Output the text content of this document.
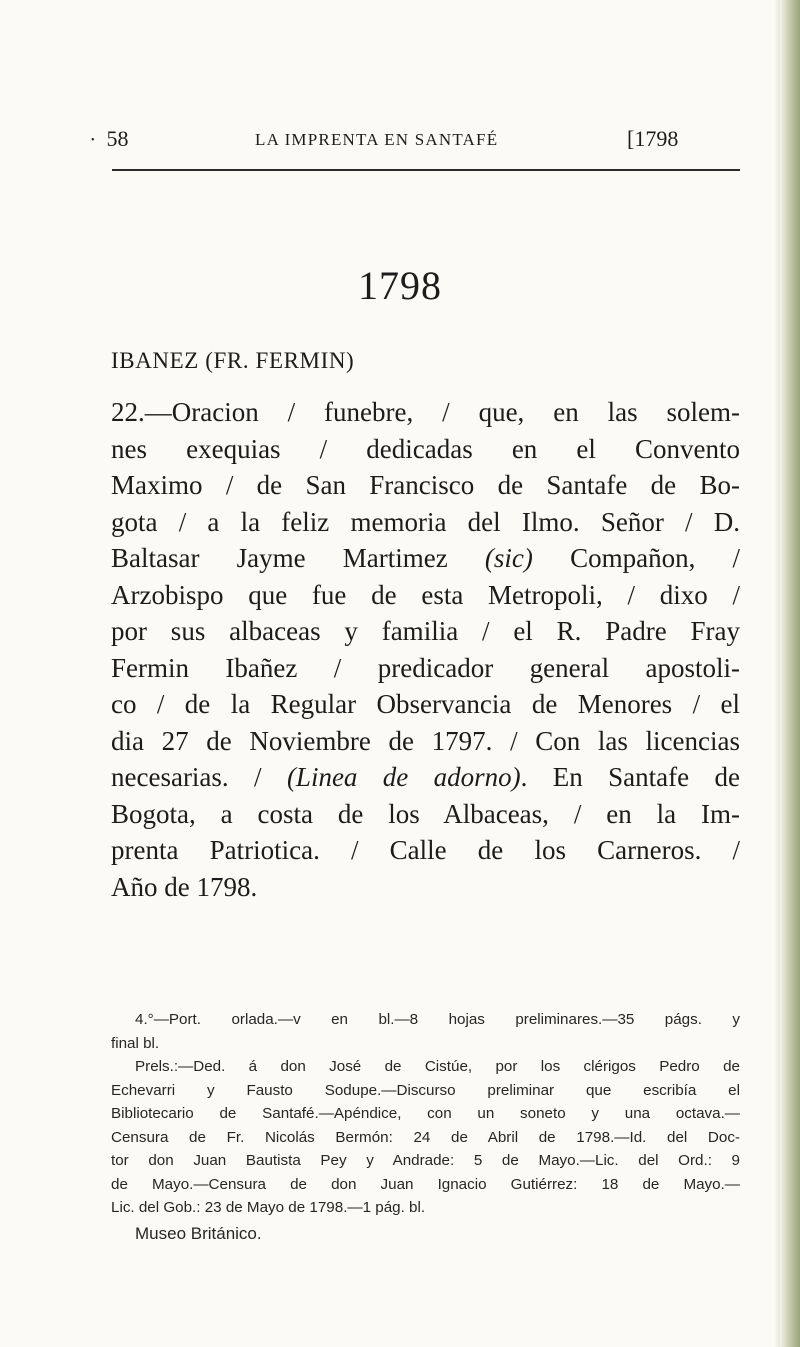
• 58	LA IMPRENTA EN SANTAFÉ	[1798
1798
IBANEZ (FR. FERMIN)
22.—Oracion / funebre, / que, en las solem-
nes exequias / dedicadas en el Convento
Maximo / de San Francisco de Santafe de Bo-
gota / a la feliz memoria del Ilmo. Señor / D.
Baltasar Jayme Martimez (sic) Compañon, /
Arzobispo que fue de esta Metropoli, / dixo /
por sus albaceas y familia / el R. Padre Fray
Fermin Ibañez / predicador general apostoli-
co / de la Regular Observancia de Menores / el
dia 27 de Noviembre de 1797. / Con las licencias
necesarias. / (Linea de adorno). En Santafe de
Bogota, a costa de los Albaceas, / en la Im-
prenta Patriotica. / Calle de los Carneros. /
Año de 1798.
4.°—Port. orlada.—v en bl.—8 hojas preliminares.—35 págs. y
final bl.
Prels.:—Ded. á don José de Cistúe, por los clérigos Pedro de
Echevarri y Fausto Sodupe.—Discurso preliminar que escribía el
Bibliotecario de Santafé.—Apéndice, con un soneto y una octava.—
Censura de Fr. Nicolás Bermón: 24 de Abril de 1798.—Id. del Doc-
tor don Juan Bautista Pey y Andrade: 5 de Mayo.—Lic. del Ord.: 9
de Mayo.—Censura de don Juan Ignacio Gutiérrez: 18 de Mayo.—
Lic. del Gob.: 23 de Mayo de 1798.—1 pág. bl.
Museo Británico.
